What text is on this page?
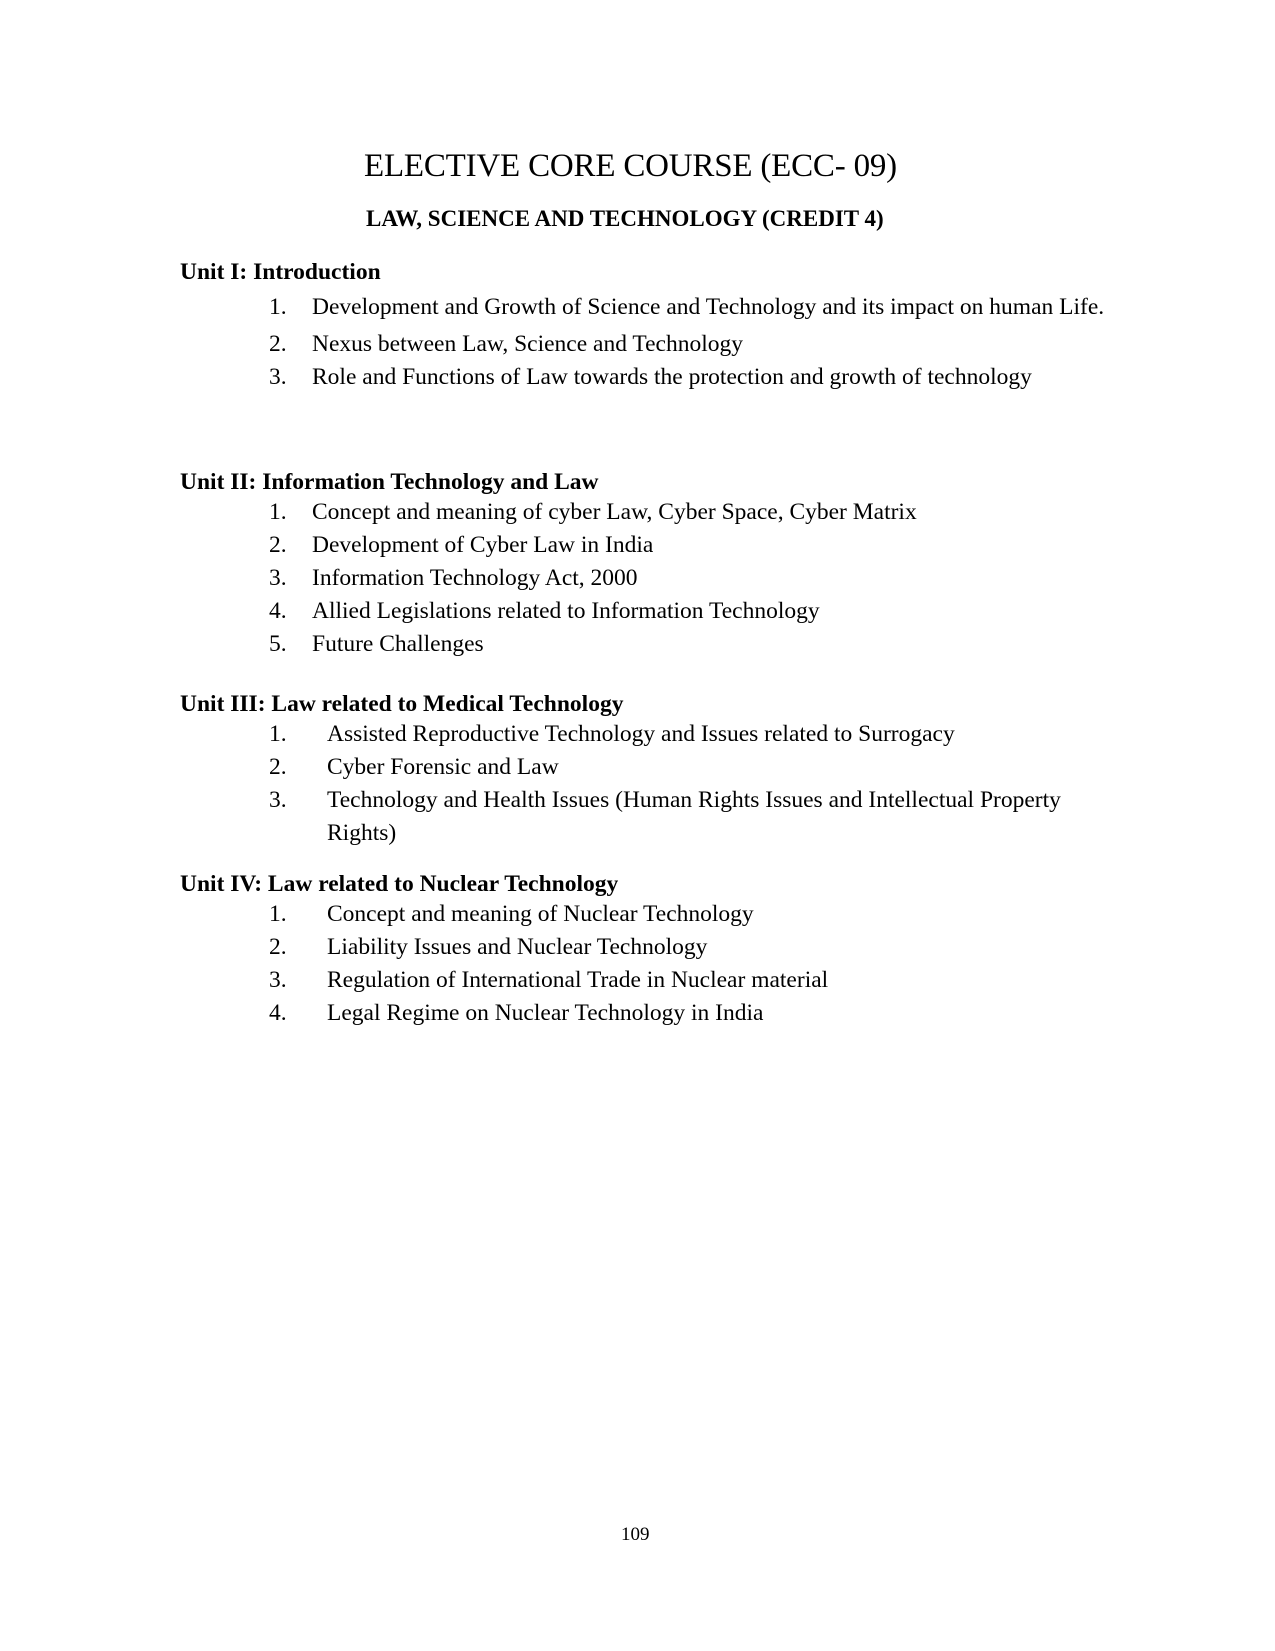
ELECTIVE CORE COURSE (ECC- 09)
LAW, SCIENCE AND TECHNOLOGY (CREDIT 4)
Unit I: Introduction
1. Development and Growth of Science and Technology and its impact on human Life.
2. Nexus between Law, Science and Technology
3. Role and Functions of Law towards the protection and growth of technology
Unit II: Information Technology and Law
1. Concept and meaning of cyber Law, Cyber Space, Cyber Matrix
2. Development of Cyber Law in India
3. Information Technology Act, 2000
4. Allied Legislations related to Information Technology
5. Future Challenges
Unit III: Law related to Medical Technology
1. Assisted Reproductive Technology and Issues related to Surrogacy
2. Cyber Forensic and Law
3. Technology and Health Issues (Human Rights Issues and Intellectual Property Rights)
Unit IV: Law related to Nuclear Technology
1. Concept and meaning of Nuclear Technology
2. Liability Issues and Nuclear Technology
3. Regulation of International Trade in Nuclear material
4. Legal Regime on Nuclear Technology in India

109
